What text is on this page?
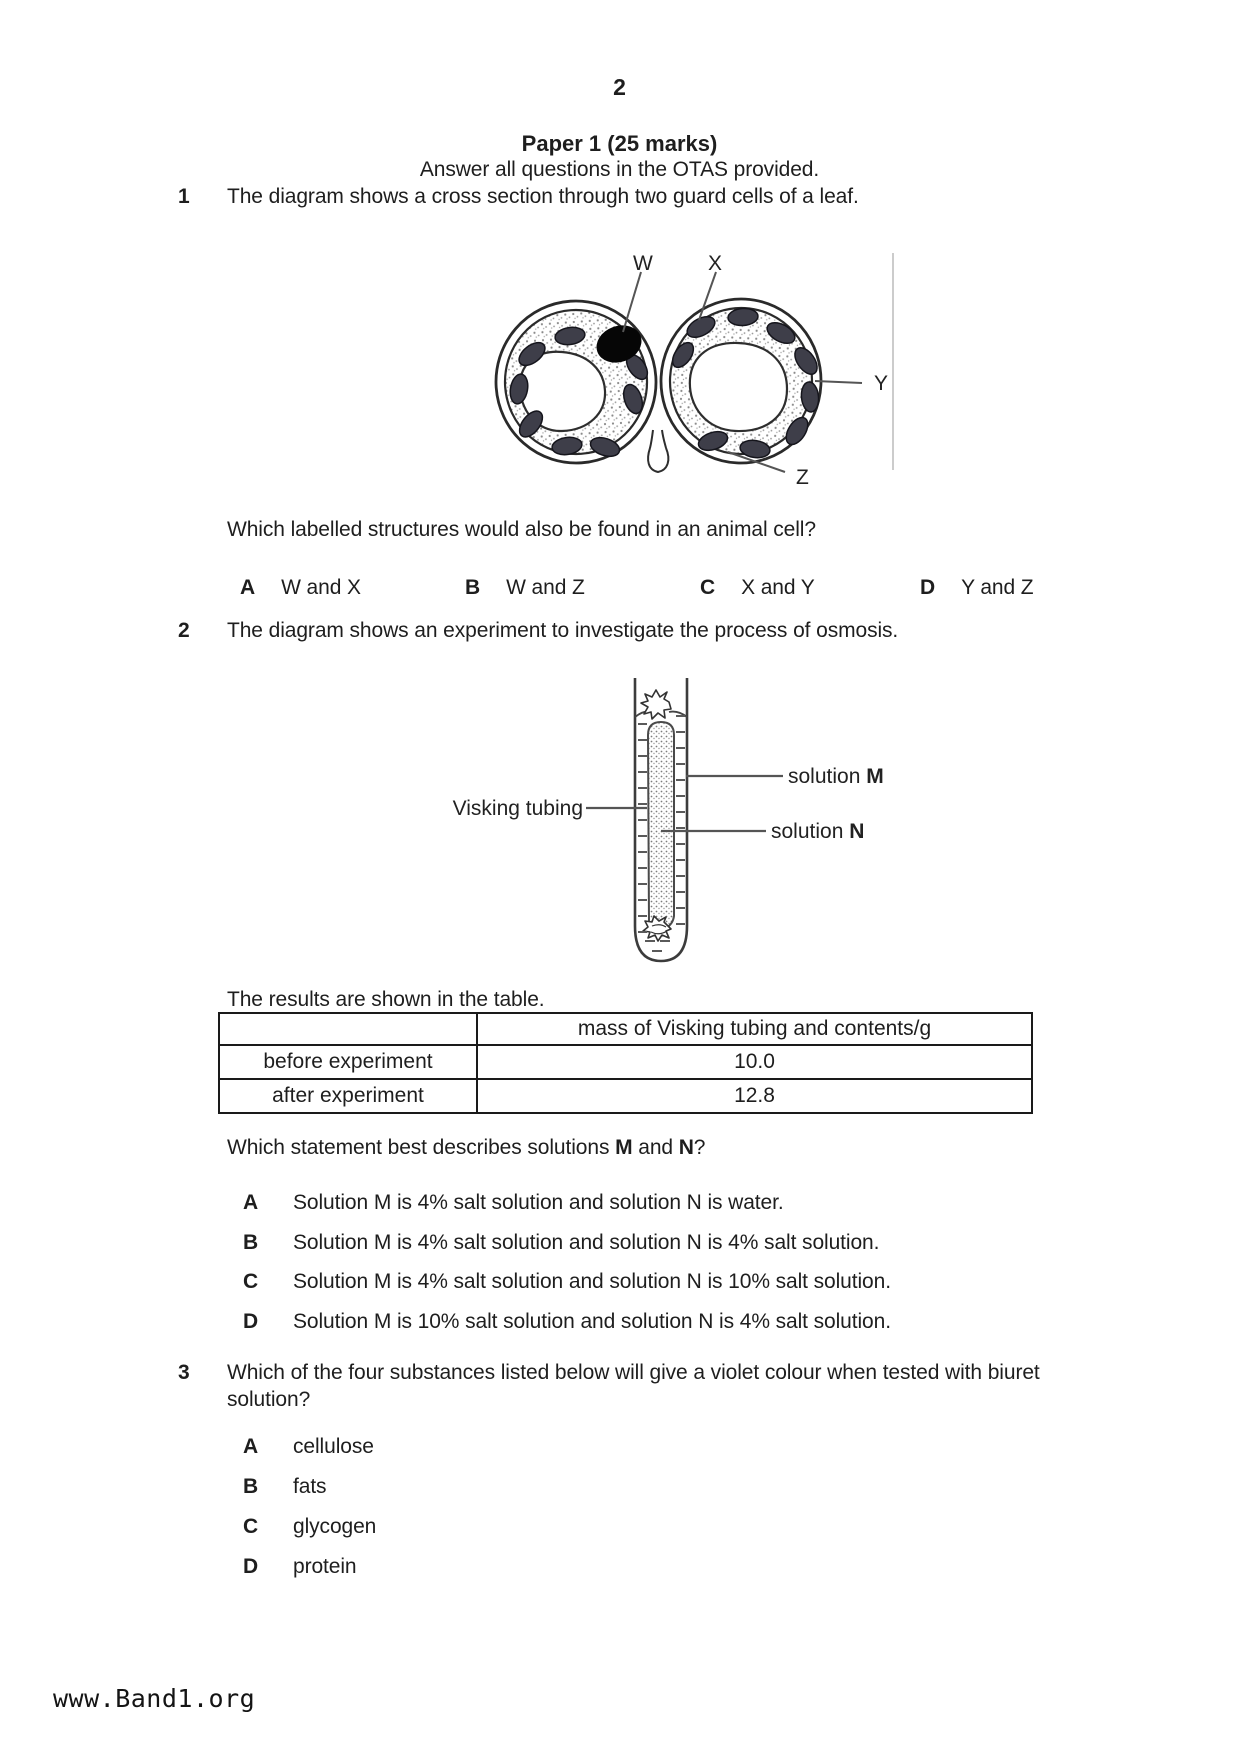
2
Paper 1 (25 marks)
Answer all questions in the OTAS provided.
1 The diagram shows a cross section through two guard cells of a leaf.
W	X
Y
Z
Which labelled structures would also be found in an animal cell?
A W and X	B W and Z	C X and Y	D Y and Z
2 The diagram shows an experiment to investigate the process of osmosis.
Visking tubing
solution M
solution N
The results are shown in the table.
	mass of Visking tubing and contents/g
before experiment	10.0
after experiment	12.8
Which statement best describes solutions M and N?
A Solution M is 4% salt solution and solution N is water.
B Solution M is 4% salt solution and solution N is 4% salt solution.
C Solution M is 4% salt solution and solution N is 10% salt solution.
D Solution M is 10% salt solution and solution N is 4% salt solution.
3 Which of the four substances listed below will give a violet colour when tested with biuret
solution?
A cellulose
B fats
C glycogen
D protein
www.Band1.org
